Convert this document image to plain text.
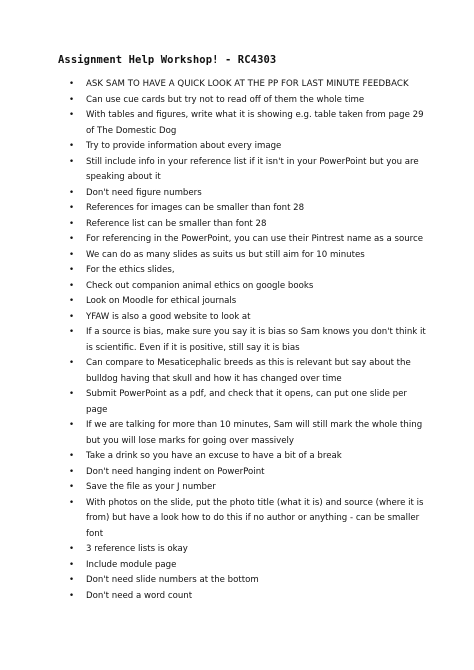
Assignment Help Workshop! - RC4303
• ASK SAM TO HAVE A QUICK LOOK AT THE PP FOR LAST MINUTE FEEDBACK
• Can use cue cards but try not to read off of them the whole time
• With tables and figures, write what it is showing e.g. table taken from page 29 of The Domestic Dog
• Try to provide information about every image
• Still include info in your reference list if it isn't in your PowerPoint but you are speaking about it
• Don't need figure numbers
• References for images can be smaller than font 28
• Reference list can be smaller than font 28
• For referencing in the PowerPoint, you can use their Pintrest name as a source
• We can do as many slides as suits us but still aim for 10 minutes
• For the ethics slides,
• Check out companion animal ethics on google books
• Look on Moodle for ethical journals
• YFAW is also a good website to look at
• If a source is bias, make sure you say it is bias so Sam knows you don't think it is scientific. Even if it is positive, still say it is bias
• Can compare to Mesaticephalic breeds as this is relevant but say about the bulldog having that skull and how it has changed over time
• Submit PowerPoint as a pdf, and check that it opens, can put one slide per page
• If we are talking for more than 10 minutes, Sam will still mark the whole thing but you will lose marks for going over massively
• Take a drink so you have an excuse to have a bit of a break
• Don't need hanging indent on PowerPoint
• Save the file as your J number
• With photos on the slide, put the photo title (what it is) and source (where it is from) but have a look how to do this if no author or anything - can be smaller font
• 3 reference lists is okay
• Include module page
• Don't need slide numbers at the bottom
• Don't need a word count
